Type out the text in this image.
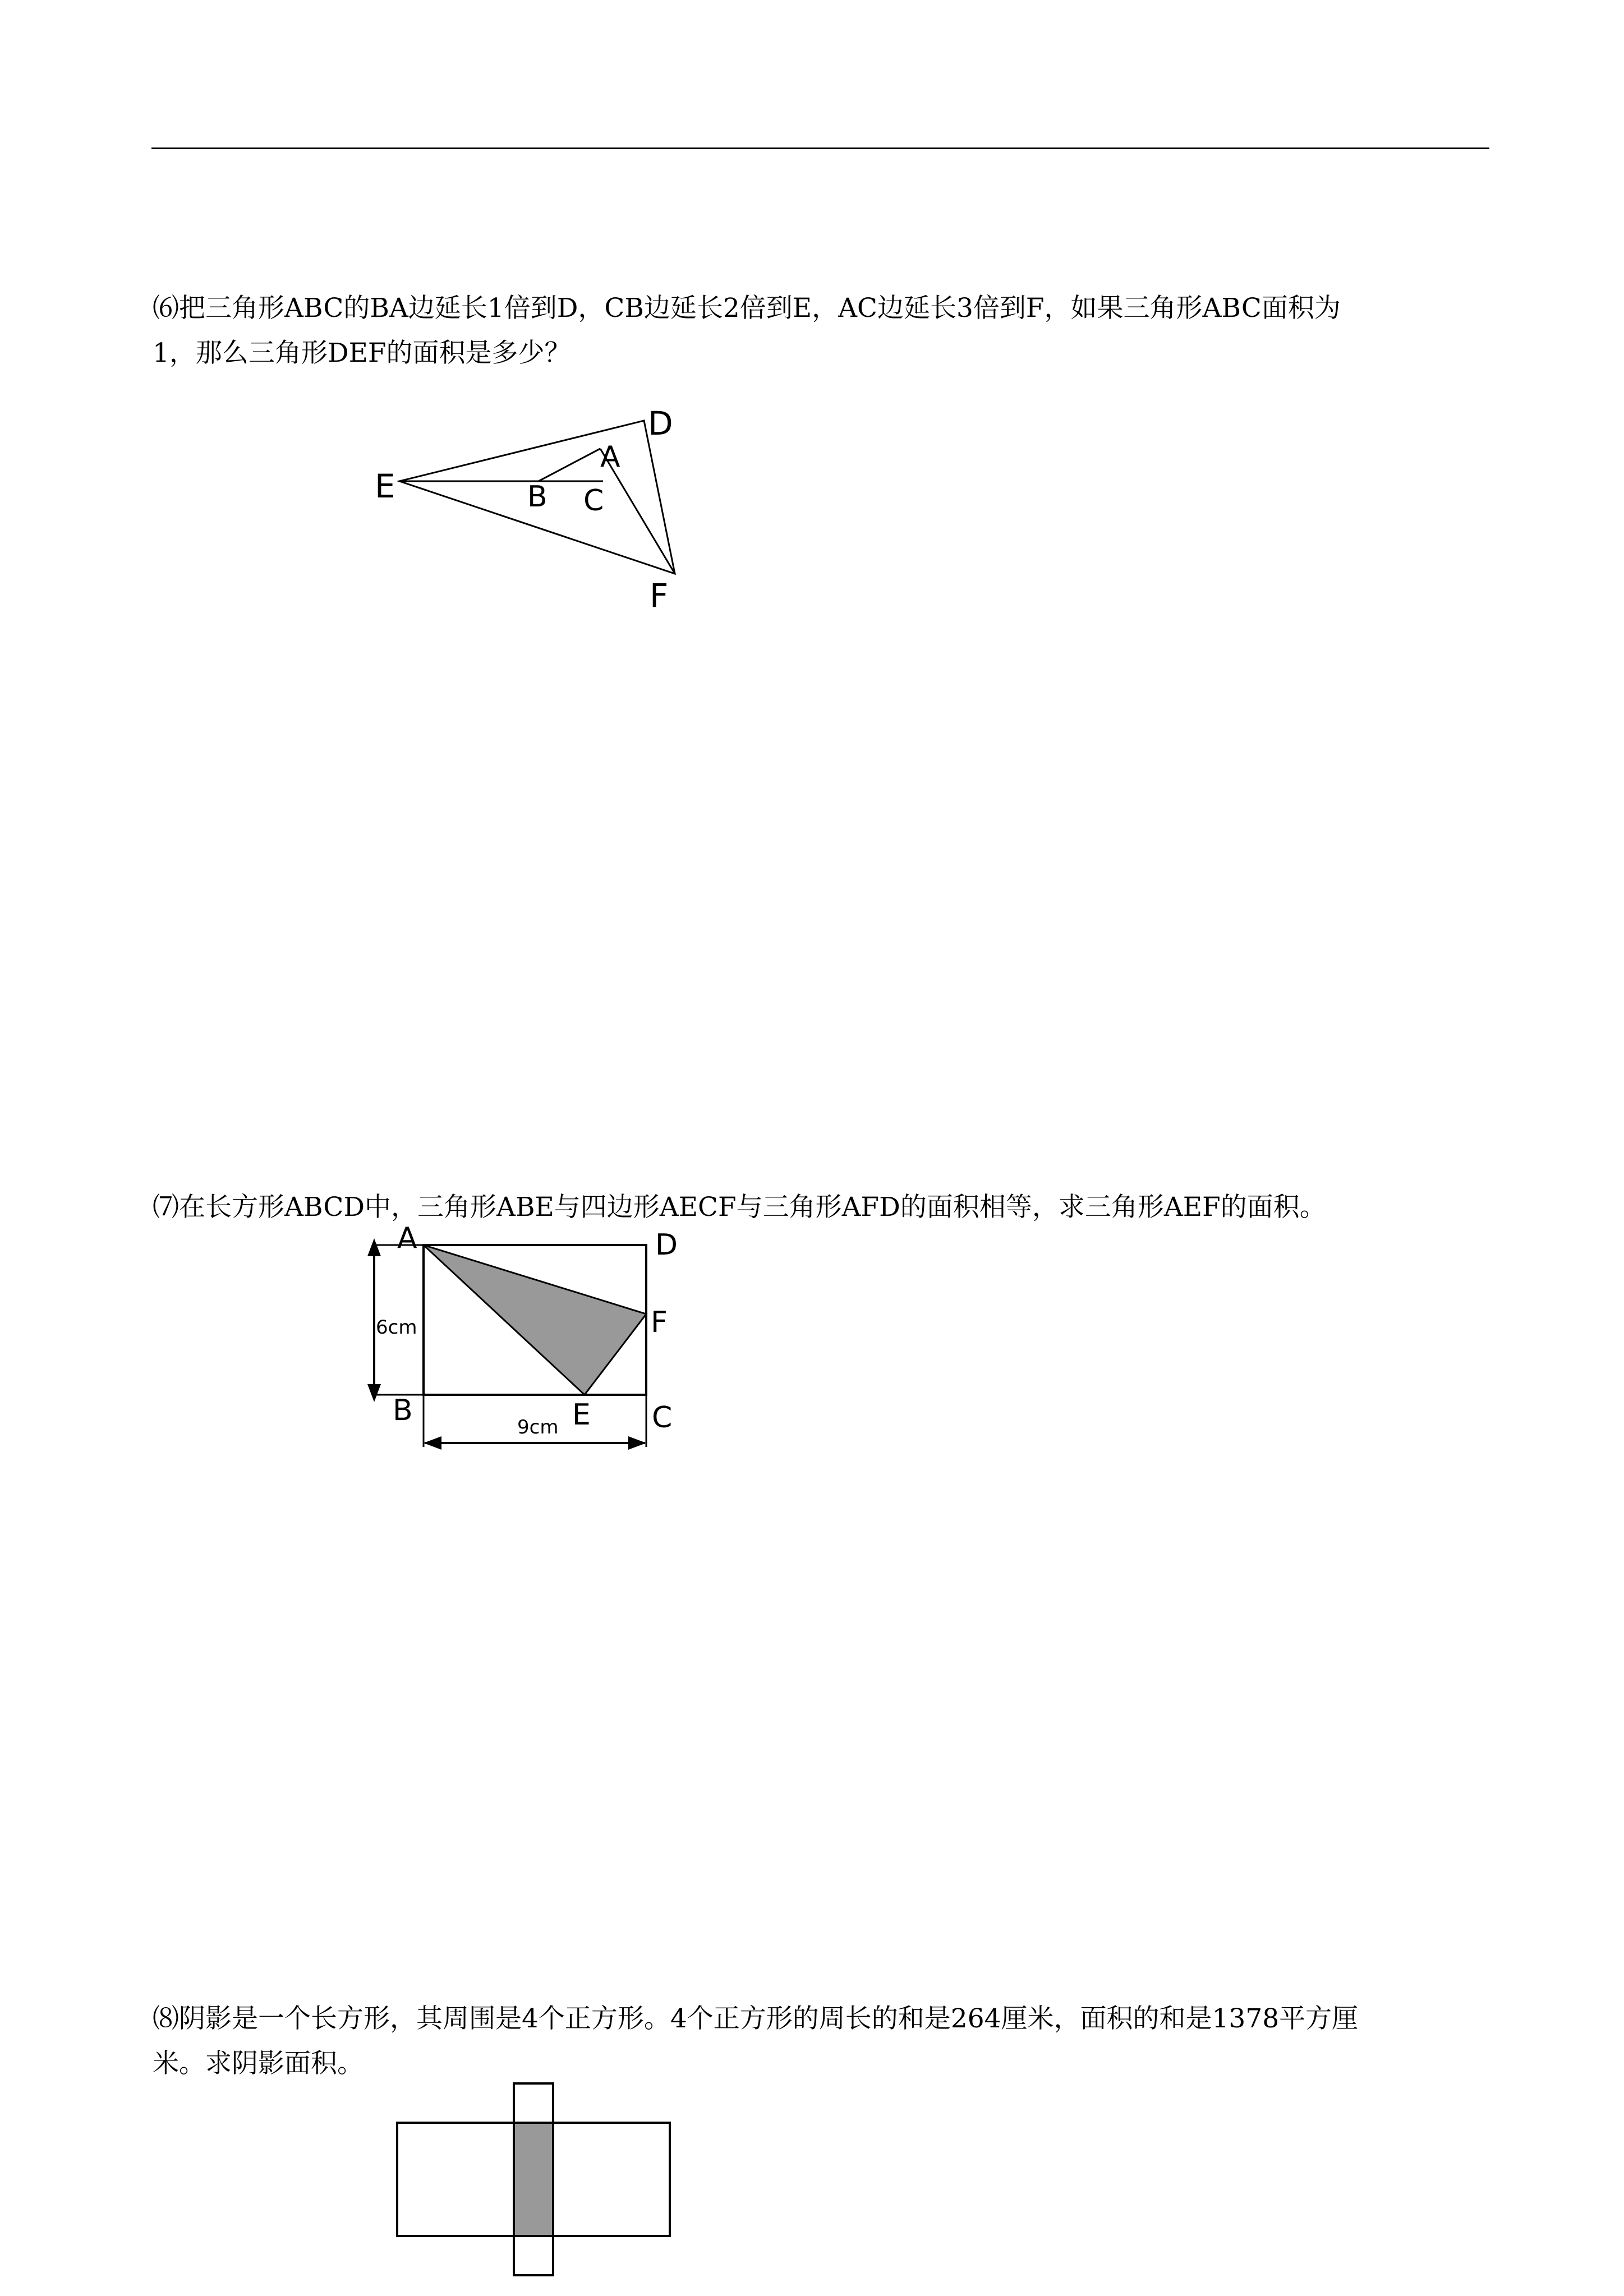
⑹把三角形ABC的BA边延长1倍到D，CB边延长2倍到E，AC边延长3倍到F，如果三角形ABC面积为
1，那么三角形DEF的面积是多少？

E	B C
A
D
F

⑺在长方形ABCD中，三角形ABE与四边形AECF与三角形AFD的面积相等，求三角形AEF的面积。

6cm
9cm
A	D
F
B	E C

⑻阴影是一个长方形，其周围是4个正方形。4个正方形的周长的和是264厘米，面积的和是1378平方厘
米。求阴影面积。
